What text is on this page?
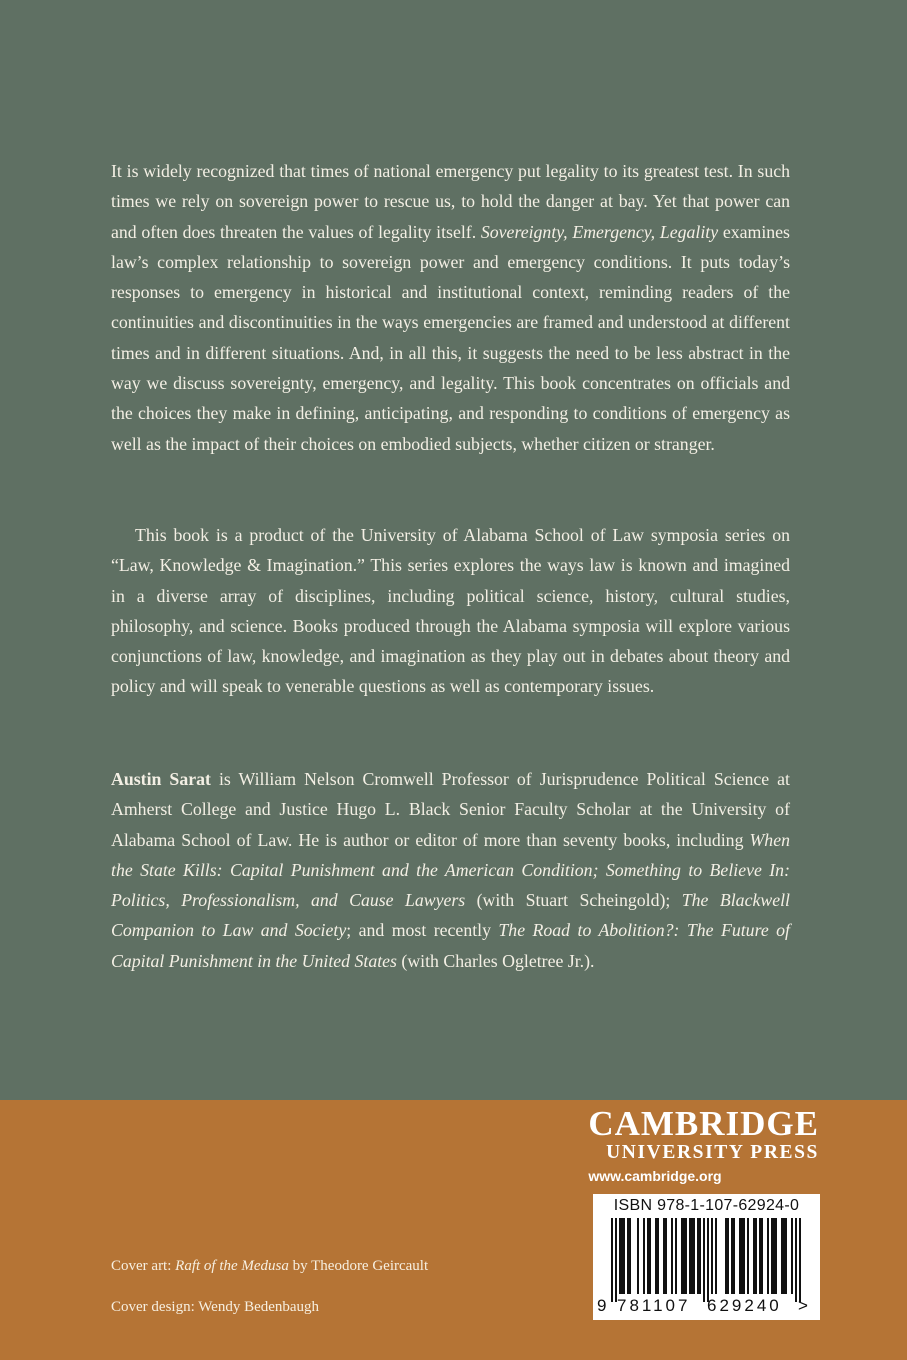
It is widely recognized that times of national emergency put legality to its greatest test. In such times we rely on sovereign power to rescue us, to hold the danger at bay. Yet that power can and often does threaten the values of legality itself. Sovereignty, Emergency, Legality examines law’s complex relationship to sovereign power and emergency conditions. It puts today’s responses to emergency in historical and institutional context, reminding readers of the continuities and discontinuities in the ways emergencies are framed and understood at different times and in different situations. And, in all this, it suggests the need to be less abstract in the way we discuss sovereignty, emergency, and legality. This book concentrates on officials and the choices they make in defining, anticipating, and responding to conditions of emergency as well as the impact of their choices on embodied subjects, whether citizen or stranger.

This book is a product of the University of Alabama School of Law symposia series on “Law, Knowledge & Imagination.” This series explores the ways law is known and imagined in a diverse array of disciplines, including political science, history, cultural studies, philosophy, and science. Books produced through the Alabama symposia will explore various conjunctions of law, knowledge, and imagination as they play out in debates about theory and policy and will speak to venerable questions as well as contemporary issues.

Austin Sarat is William Nelson Cromwell Professor of Jurisprudence Political Science at Amherst College and Justice Hugo L. Black Senior Faculty Scholar at the University of Alabama School of Law. He is author or editor of more than seventy books, including When the State Kills: Capital Punishment and the American Condition; Something to Believe In: Politics, Professionalism, and Cause Lawyers (with Stuart Scheingold); The Blackwell Companion to Law and Society; and most recently The Road to Abolition?: The Future of Capital Punishment in the United States (with Charles Ogletree Jr.).

Cover art: Raft of the Medusa by Theodore Geircault
Cover design: Wendy Bedenbaugh
CAMBRIDGE
UNIVERSITY PRESS
www.cambridge.org
ISBN 978-1-107-62924-0
9 781107 629240 >
